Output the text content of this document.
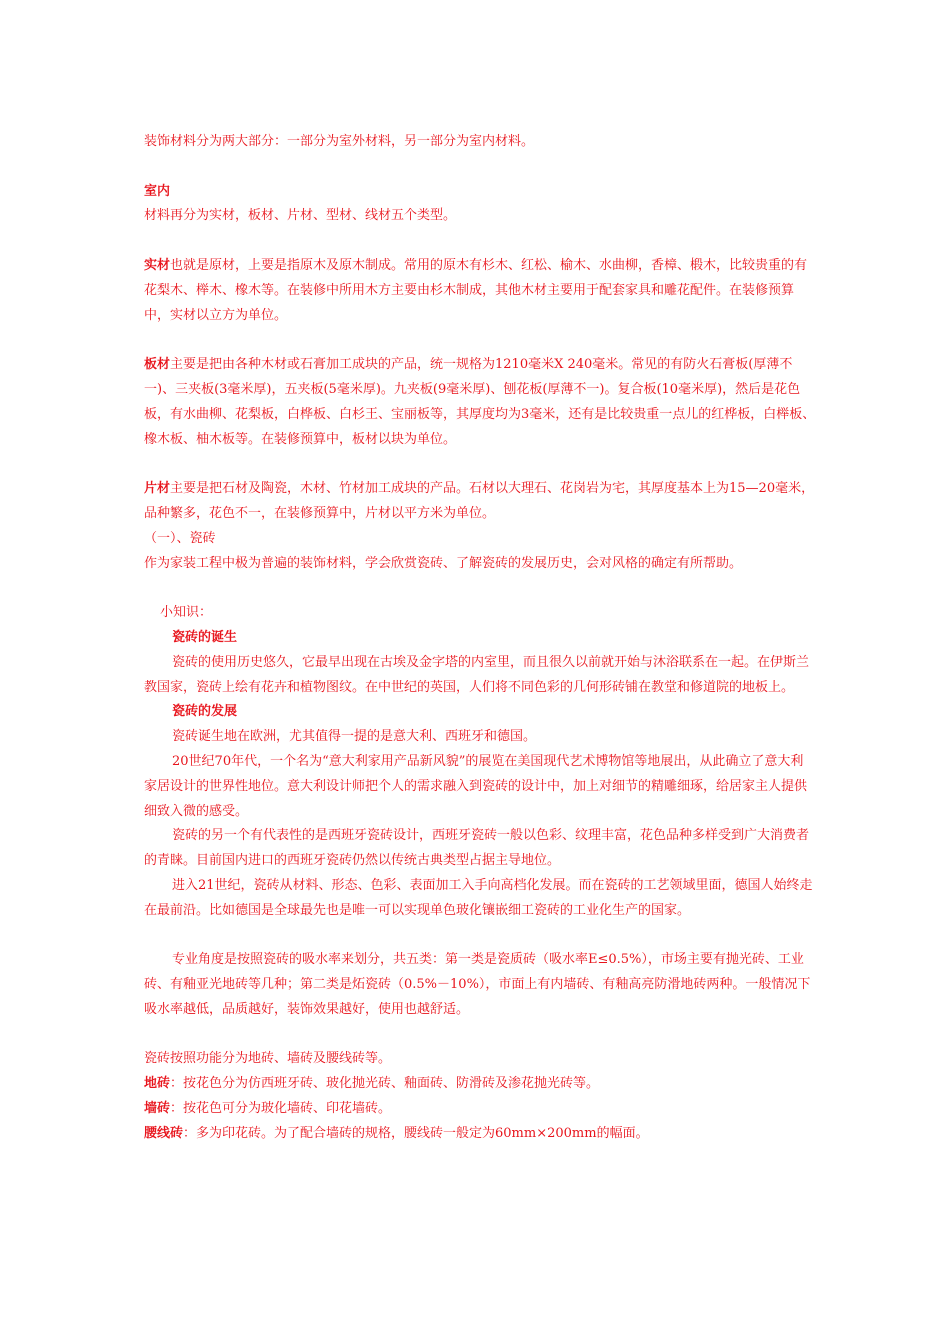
装饰材料分为两大部分：一部分为室外材料，另一部分为室内材料。

室内

材料再分为实材，板材、片材、型材、线材五个类型。

实材也就是原材，上要是指原木及原木制成。常用的原木有杉木、红松、榆木、水曲柳，香樟、椴木，比较贵重的有花梨木、榉木、橡木等。在装修中所用木方主要由杉木制成，其他木材主要用于配套家具和雕花配件。在装修预算中，实材以立方为单位。

板材主要是把由各种木材或石膏加工成块的产品，统一规格为1210毫米X 240毫米。常见的有防火石膏板(厚薄不一)、三夹板(3毫米厚)，五夹板(5毫米厚)。九夹板(9毫米厚)、刨花板(厚薄不一)。复合板(10毫米厚)，然后是花色板，有水曲柳、花梨板，白桦板、白杉王、宝丽板等，其厚度均为3毫米，还有是比较贵重一点儿的红桦板，白榉板、橡木板、柚木板等。在装修预算中，板材以块为单位。

片材主要是把石材及陶瓷，木材、竹材加工成块的产品。石材以大理石、花岗岩为宅，其厚度基本上为15—20毫米，品种繁多，花色不一，在装修预算中，片材以平方米为单位。

（一）、瓷砖

作为家装工程中极为普遍的装饰材料，学会欣赏瓷砖、了解瓷砖的发展历史，会对风格的确定有所帮助。

小知识：

瓷砖的诞生

瓷砖的使用历史悠久，它最早出现在古埃及金字塔的内室里，而且很久以前就开始与沐浴联系在一起。在伊斯兰教国家，瓷砖上绘有花卉和植物图纹。在中世纪的英国，人们将不同色彩的几何形砖铺在教堂和修道院的地板上。

瓷砖的发展

瓷砖诞生地在欧洲，尤其值得一提的是意大利、西班牙和德国。

20世纪70年代，一个名为“意大利家用产品新风貌”的展览在美国现代艺术博物馆等地展出，从此确立了意大利家居设计的世界性地位。意大利设计师把个人的需求融入到瓷砖的设计中，加上对细节的精雕细琢，给居家主人提供细致入微的感受。

瓷砖的另一个有代表性的是西班牙瓷砖设计，西班牙瓷砖一般以色彩、纹理丰富，花色品种多样受到广大消费者的青睐。目前国内进口的西班牙瓷砖仍然以传统古典类型占据主导地位。

进入21世纪，瓷砖从材料、形态、色彩、表面加工入手向高档化发展。而在瓷砖的工艺领域里面，德国人始终走在最前沿。比如德国是全球最先也是唯一可以实现单色玻化镶嵌细工瓷砖的工业化生产的国家。

专业角度是按照瓷砖的吸水率来划分，共五类：第一类是瓷质砖（吸水率E≤0.5%），市场主要有抛光砖、工业砖、有釉亚光地砖等几种；第二类是炻瓷砖（0.5%－10%），市面上有内墙砖、有釉高亮防滑地砖两种。一般情况下吸水率越低，品质越好，装饰效果越好，使用也越舒适。

瓷砖按照功能分为地砖、墙砖及腰线砖等。

地砖：按花色分为仿西班牙砖、玻化抛光砖、釉面砖、防滑砖及渗花抛光砖等。

墙砖：按花色可分为玻化墙砖、印花墙砖。

腰线砖：多为印花砖。为了配合墙砖的规格，腰线砖一般定为60mm×200mm的幅面。
